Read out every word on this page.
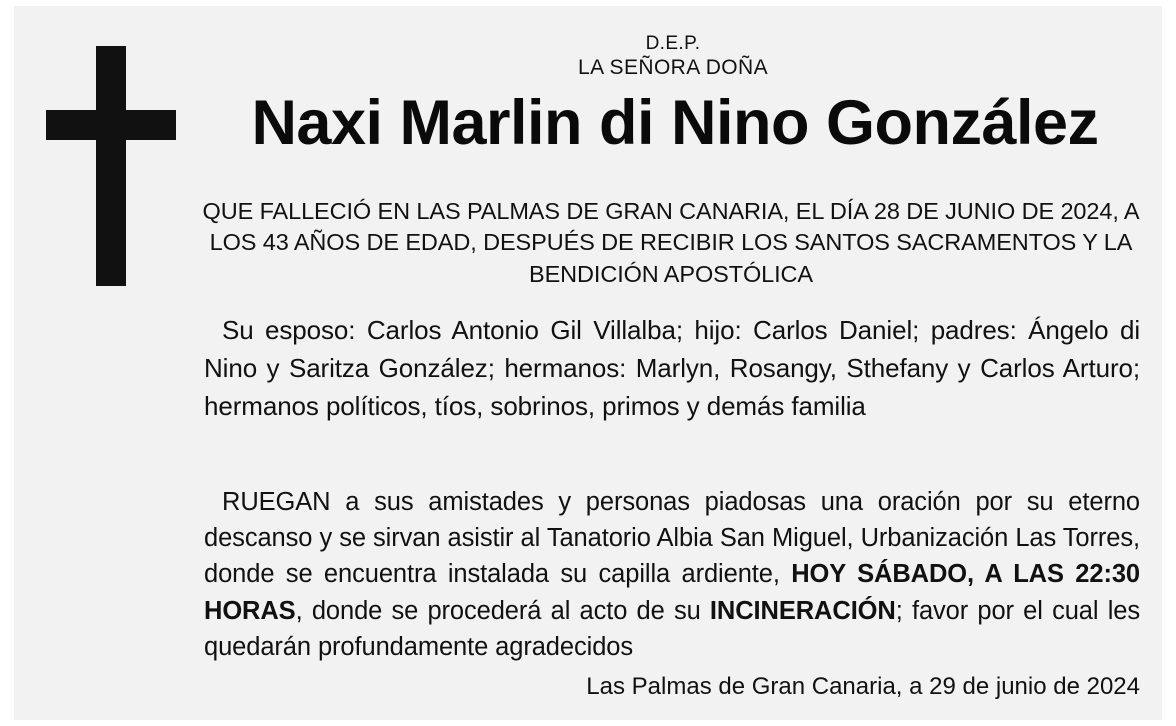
D.E.P.
LA SEÑORA DOÑA
Naxi Marlin di Nino González
QUE FALLECIÓ EN LAS PALMAS DE GRAN CANARIA, EL DÍA 28 DE JUNIO DE 2024, A LOS 43 AÑOS DE EDAD, DESPUÉS DE RECIBIR LOS SANTOS SACRAMENTOS Y LA BENDICIÓN APOSTÓLICA
Su esposo: Carlos Antonio Gil Villalba; hijo: Carlos Daniel; padres: Ángelo di Nino y Saritza González; hermanos: Marlyn, Rosangy, Sthefany y Carlos Arturo; hermanos políticos, tíos, sobrinos, primos y demás familia
RUEGAN a sus amistades y personas piadosas una oración por su eterno descanso y se sirvan asistir al Tanatorio Albia San Miguel, Urbanización Las Torres, donde se encuentra instalada su capilla ardiente, HOY SÁBADO, A LAS 22:30 HORAS, donde se procederá al acto de su INCINERACIÓN; favor por el cual les quedarán profundamente agradecidos
Las Palmas de Gran Canaria, a 29 de junio de 2024
